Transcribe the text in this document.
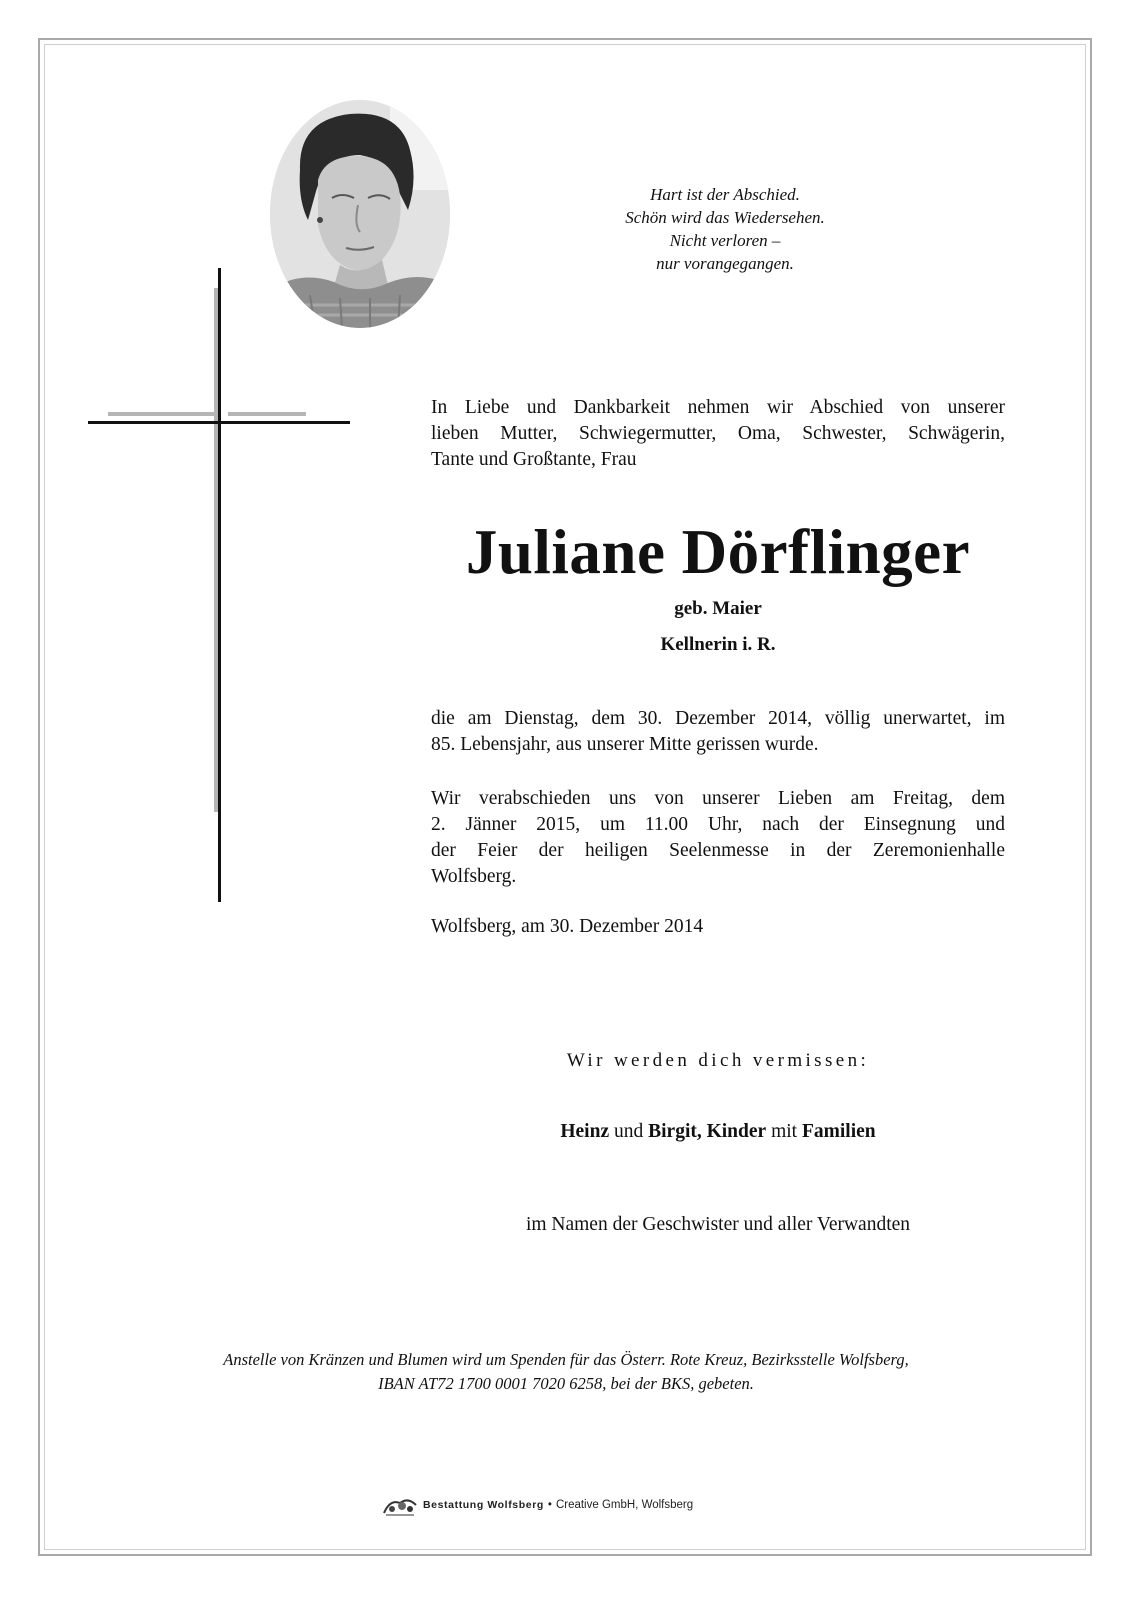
Hart ist der Abschied.
Schön wird das Wiedersehen.
Nicht verloren –
nur vorangegangen.
In Liebe und Dankbarkeit nehmen wir Abschied von unserer
lieben Mutter, Schwiegermutter, Oma, Schwester, Schwägerin,
Tante und Großtante, Frau
Juliane Dörflinger
geb. Maier
Kellnerin i. R.
die am Dienstag, dem 30. Dezember 2014, völlig unerwartet, im
85. Lebensjahr, aus unserer Mitte gerissen wurde.
Wir verabschieden uns von unserer Lieben am Freitag, dem
2. Jänner 2015, um 11.00 Uhr, nach der Einsegnung und
der Feier der heiligen Seelenmesse in der Zeremonienhalle
Wolfsberg.
Wolfsberg, am 30. Dezember 2014
Wir werden dich vermissen:
Heinz und Birgit, Kinder mit Familien
im Namen der Geschwister und aller Verwandten
Anstelle von Kränzen und Blumen wird um Spenden für das Österr. Rote Kreuz, Bezirksstelle Wolfsberg,
IBAN AT72 1700 0001 7020 6258, bei der BKS, gebeten.
Bestattung Wolfsberg • Creative GmbH, Wolfsberg
